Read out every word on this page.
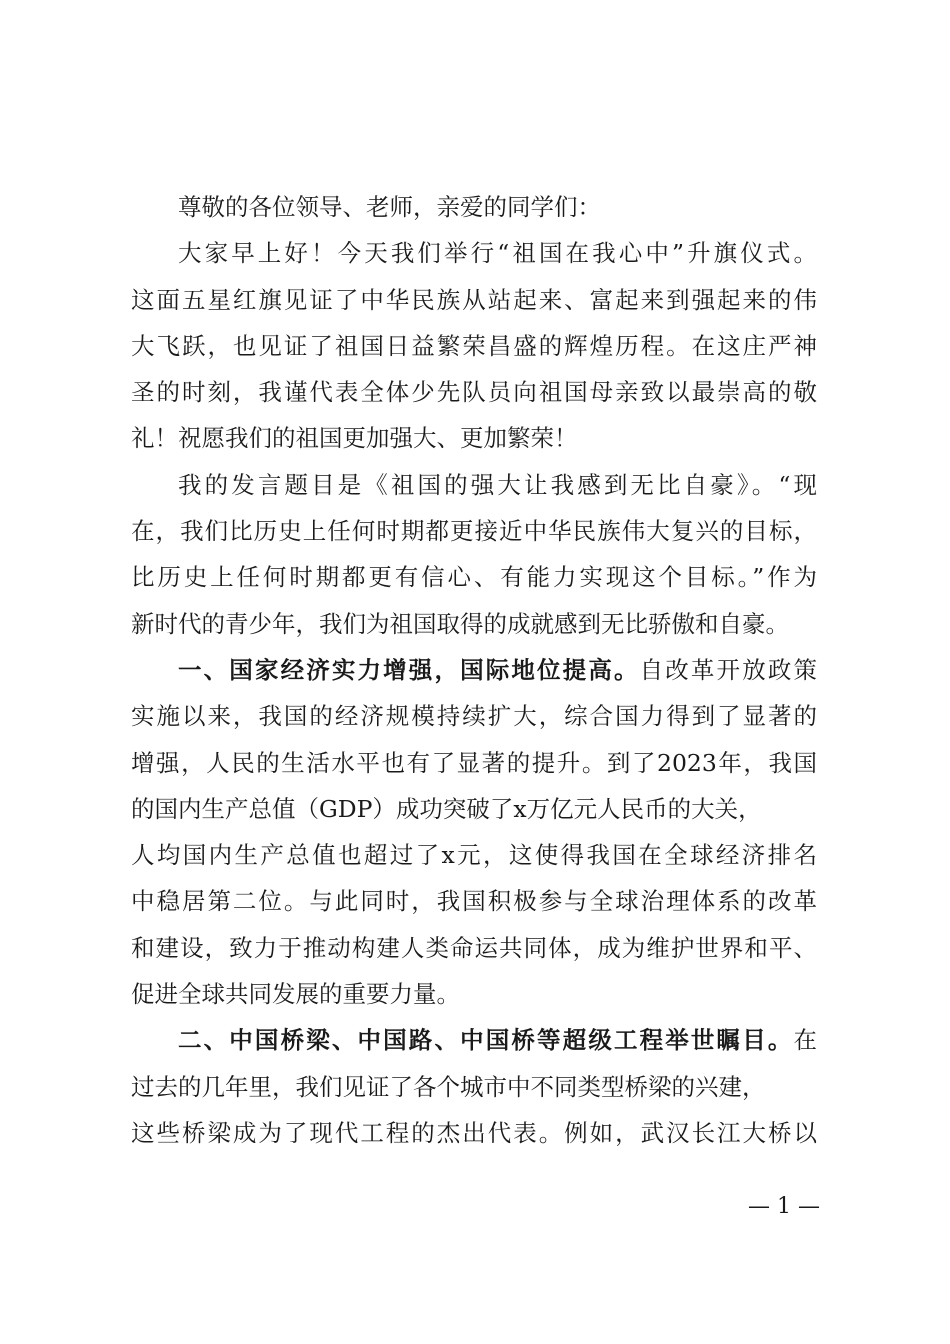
尊敬的各位领导、老师，亲爱的同学们：
大家早上好！今天我们举行“祖国在我心中”升旗仪式。
这面五星红旗见证了中华民族从站起来、富起来到强起来的伟
大飞跃，也见证了祖国日益繁荣昌盛的辉煌历程。在这庄严神
圣的时刻，我谨代表全体少先队员向祖国母亲致以最崇高的敬
礼！祝愿我们的祖国更加强大、更加繁荣！
我的发言题目是《祖国的强大让我感到无比自豪》。“现
在，我们比历史上任何时期都更接近中华民族伟大复兴的目标，
比历史上任何时期都更有信心、有能力实现这个目标。”作为
新时代的青少年，我们为祖国取得的成就感到无比骄傲和自豪。
一、国家经济实力增强，国际地位提高。自改革开放政策
实施以来，我国的经济规模持续扩大，综合国力得到了显著的
增强，人民的生活水平也有了显著的提升。到了2023年，我国
的国内生产总值（GDP）成功突破了x万亿元人民币的大关，
人均国内生产总值也超过了x元，这使得我国在全球经济排名
中稳居第二位。与此同时，我国积极参与全球治理体系的改革
和建设，致力于推动构建人类命运共同体，成为维护世界和平、
促进全球共同发展的重要力量。
二、中国桥梁、中国路、中国桥等超级工程举世瞩目。在
过去的几年里，我们见证了各个城市中不同类型桥梁的兴建，
这些桥梁成为了现代工程的杰出代表。例如，武汉长江大桥以
— 1 —
